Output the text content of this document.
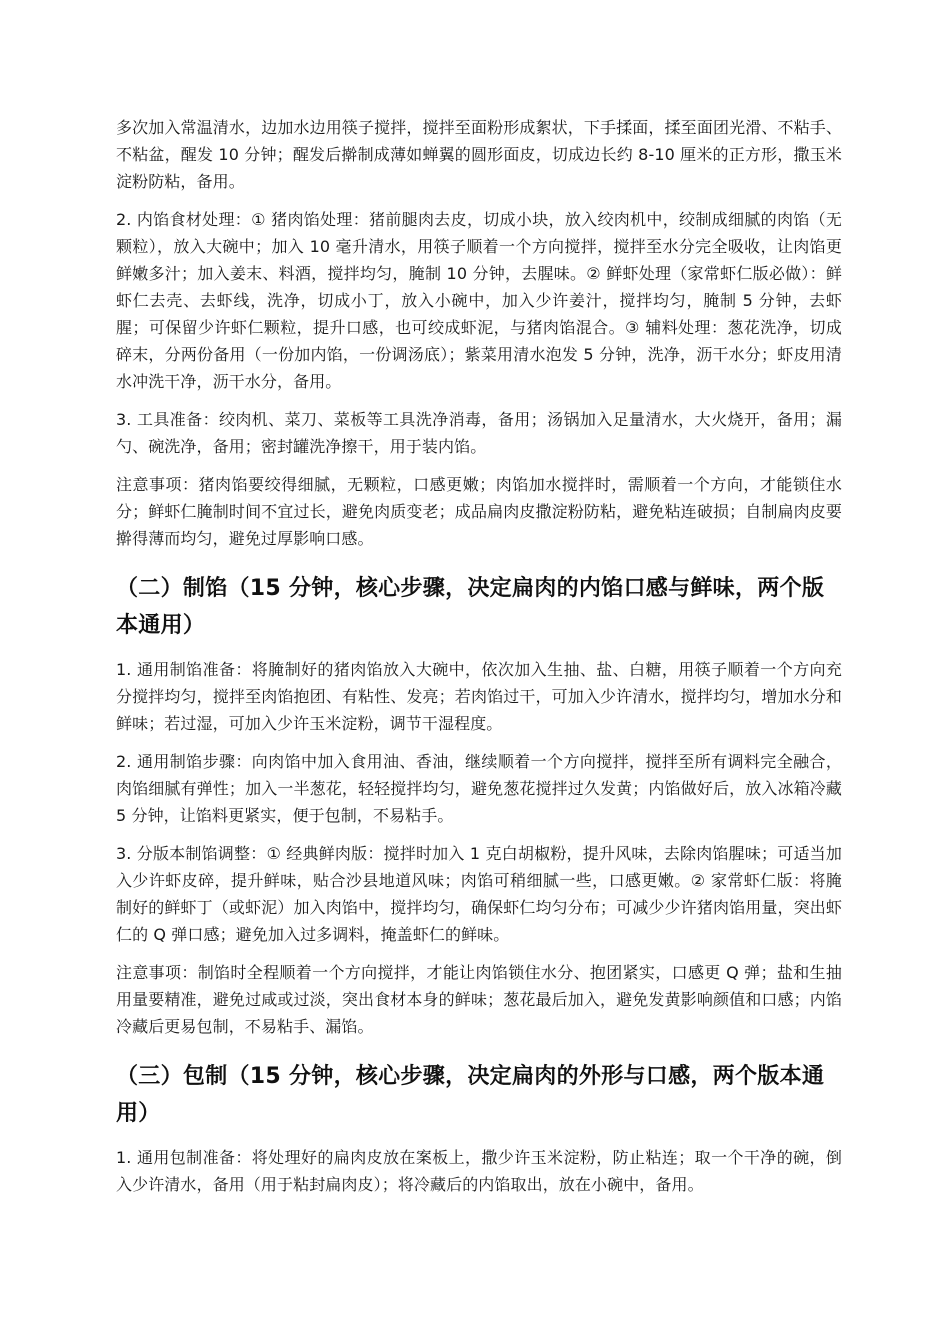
多次加入常温清水，边加水边用筷子搅拌，搅拌至面粉形成絮状，下手揉面，揉至面团光滑、不粘手、不粘盆，醒发 10 分钟；醒发后擀制成薄如蝉翼的圆形面皮，切成边长约 8-10 厘米的正方形，撒玉米淀粉防粘，备用。

2. 内馅食材处理：① 猪肉馅处理：猪前腿肉去皮，切成小块，放入绞肉机中，绞制成细腻的肉馅（无颗粒），放入大碗中；加入 10 毫升清水，用筷子顺着一个方向搅拌，搅拌至水分完全吸收，让肉馅更鲜嫩多汁；加入姜末、料酒，搅拌均匀，腌制 10 分钟，去腥味。② 鲜虾处理（家常虾仁版必做）：鲜虾仁去壳、去虾线，洗净，切成小丁，放入小碗中，加入少许姜汁，搅拌均匀，腌制 5 分钟，去虾腥；可保留少许虾仁颗粒，提升口感，也可绞成虾泥，与猪肉馅混合。③ 辅料处理：葱花洗净，切成碎末，分两份备用（一份加内馅，一份调汤底）；紫菜用清水泡发 5 分钟，洗净，沥干水分；虾皮用清水冲洗干净，沥干水分，备用。

3. 工具准备：绞肉机、菜刀、菜板等工具洗净消毒，备用；汤锅加入足量清水，大火烧开，备用；漏勺、碗洗净，备用；密封罐洗净擦干，用于装内馅。

注意事项：猪肉馅要绞得细腻，无颗粒，口感更嫩；肉馅加水搅拌时，需顺着一个方向，才能锁住水分；鲜虾仁腌制时间不宜过长，避免肉质变老；成品扁肉皮撒淀粉防粘，避免粘连破损；自制扁肉皮要擀得薄而均匀，避免过厚影响口感。

（二）制馅（15 分钟，核心步骤，决定扁肉的内馅口感与鲜味，两个版本通用）

1. 通用制馅准备：将腌制好的猪肉馅放入大碗中，依次加入生抽、盐、白糖，用筷子顺着一个方向充分搅拌均匀，搅拌至肉馅抱团、有粘性、发亮；若肉馅过干，可加入少许清水，搅拌均匀，增加水分和鲜味；若过湿，可加入少许玉米淀粉，调节干湿程度。

2. 通用制馅步骤：向肉馅中加入食用油、香油，继续顺着一个方向搅拌，搅拌至所有调料完全融合，肉馅细腻有弹性；加入一半葱花，轻轻搅拌均匀，避免葱花搅拌过久发黄；内馅做好后，放入冰箱冷藏 5 分钟，让馅料更紧实，便于包制，不易粘手。

3. 分版本制馅调整：① 经典鲜肉版：搅拌时加入 1 克白胡椒粉，提升风味，去除肉馅腥味；可适当加入少许虾皮碎，提升鲜味，贴合沙县地道风味；肉馅可稍细腻一些，口感更嫩。② 家常虾仁版：将腌制好的鲜虾丁（或虾泥）加入肉馅中，搅拌均匀，确保虾仁均匀分布；可减少少许猪肉馅用量，突出虾仁的 Q 弹口感；避免加入过多调料，掩盖虾仁的鲜味。

注意事项：制馅时全程顺着一个方向搅拌，才能让肉馅锁住水分、抱团紧实，口感更 Q 弹；盐和生抽用量要精准，避免过咸或过淡，突出食材本身的鲜味；葱花最后加入，避免发黄影响颜值和口感；内馅冷藏后更易包制，不易粘手、漏馅。

（三）包制（15 分钟，核心步骤，决定扁肉的外形与口感，两个版本通用）

1. 通用包制准备：将处理好的扁肉皮放在案板上，撒少许玉米淀粉，防止粘连；取一个干净的碗，倒入少许清水，备用（用于粘封扁肉皮）；将冷藏后的内馅取出，放在小碗中，备用。
